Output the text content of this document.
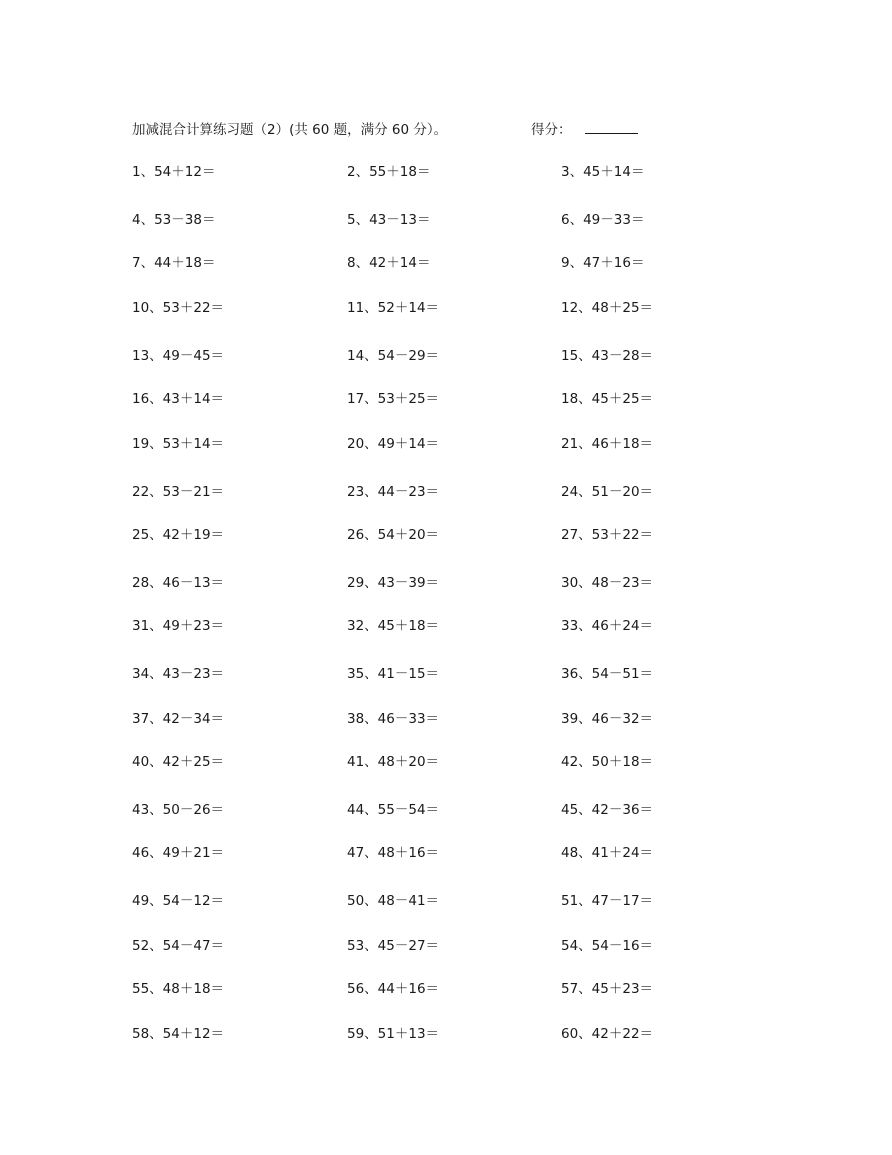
加减混合计算练习题（2）(共 60 题，满分 60 分）。	得分：
1、54＋12＝	2、55＋18＝	3、45＋14＝
4、53－38＝	5、43－13＝	6、49－33＝
7、44＋18＝	8、42＋14＝	9、47＋16＝
10、53＋22＝	11、52＋14＝	12、48＋25＝
13、49－45＝	14、54－29＝	15、43－28＝
16、43＋14＝	17、53＋25＝	18、45＋25＝
19、53＋14＝	20、49＋14＝	21、46＋18＝
22、53－21＝	23、44－23＝	24、51－20＝
25、42＋19＝	26、54＋20＝	27、53＋22＝
28、46－13＝	29、43－39＝	30、48－23＝
31、49＋23＝	32、45＋18＝	33、46＋24＝
34、43－23＝	35、41－15＝	36、54－51＝
37、42－34＝	38、46－33＝	39、46－32＝
40、42＋25＝	41、48＋20＝	42、50＋18＝
43、50－26＝	44、55－54＝	45、42－36＝
46、49＋21＝	47、48＋16＝	48、41＋24＝
49、54－12＝	50、48－41＝	51、47－17＝
52、54－47＝	53、45－27＝	54、54－16＝
55、48＋18＝	56、44＋16＝	57、45＋23＝
58、54＋12＝	59、51＋13＝	60、42＋22＝
